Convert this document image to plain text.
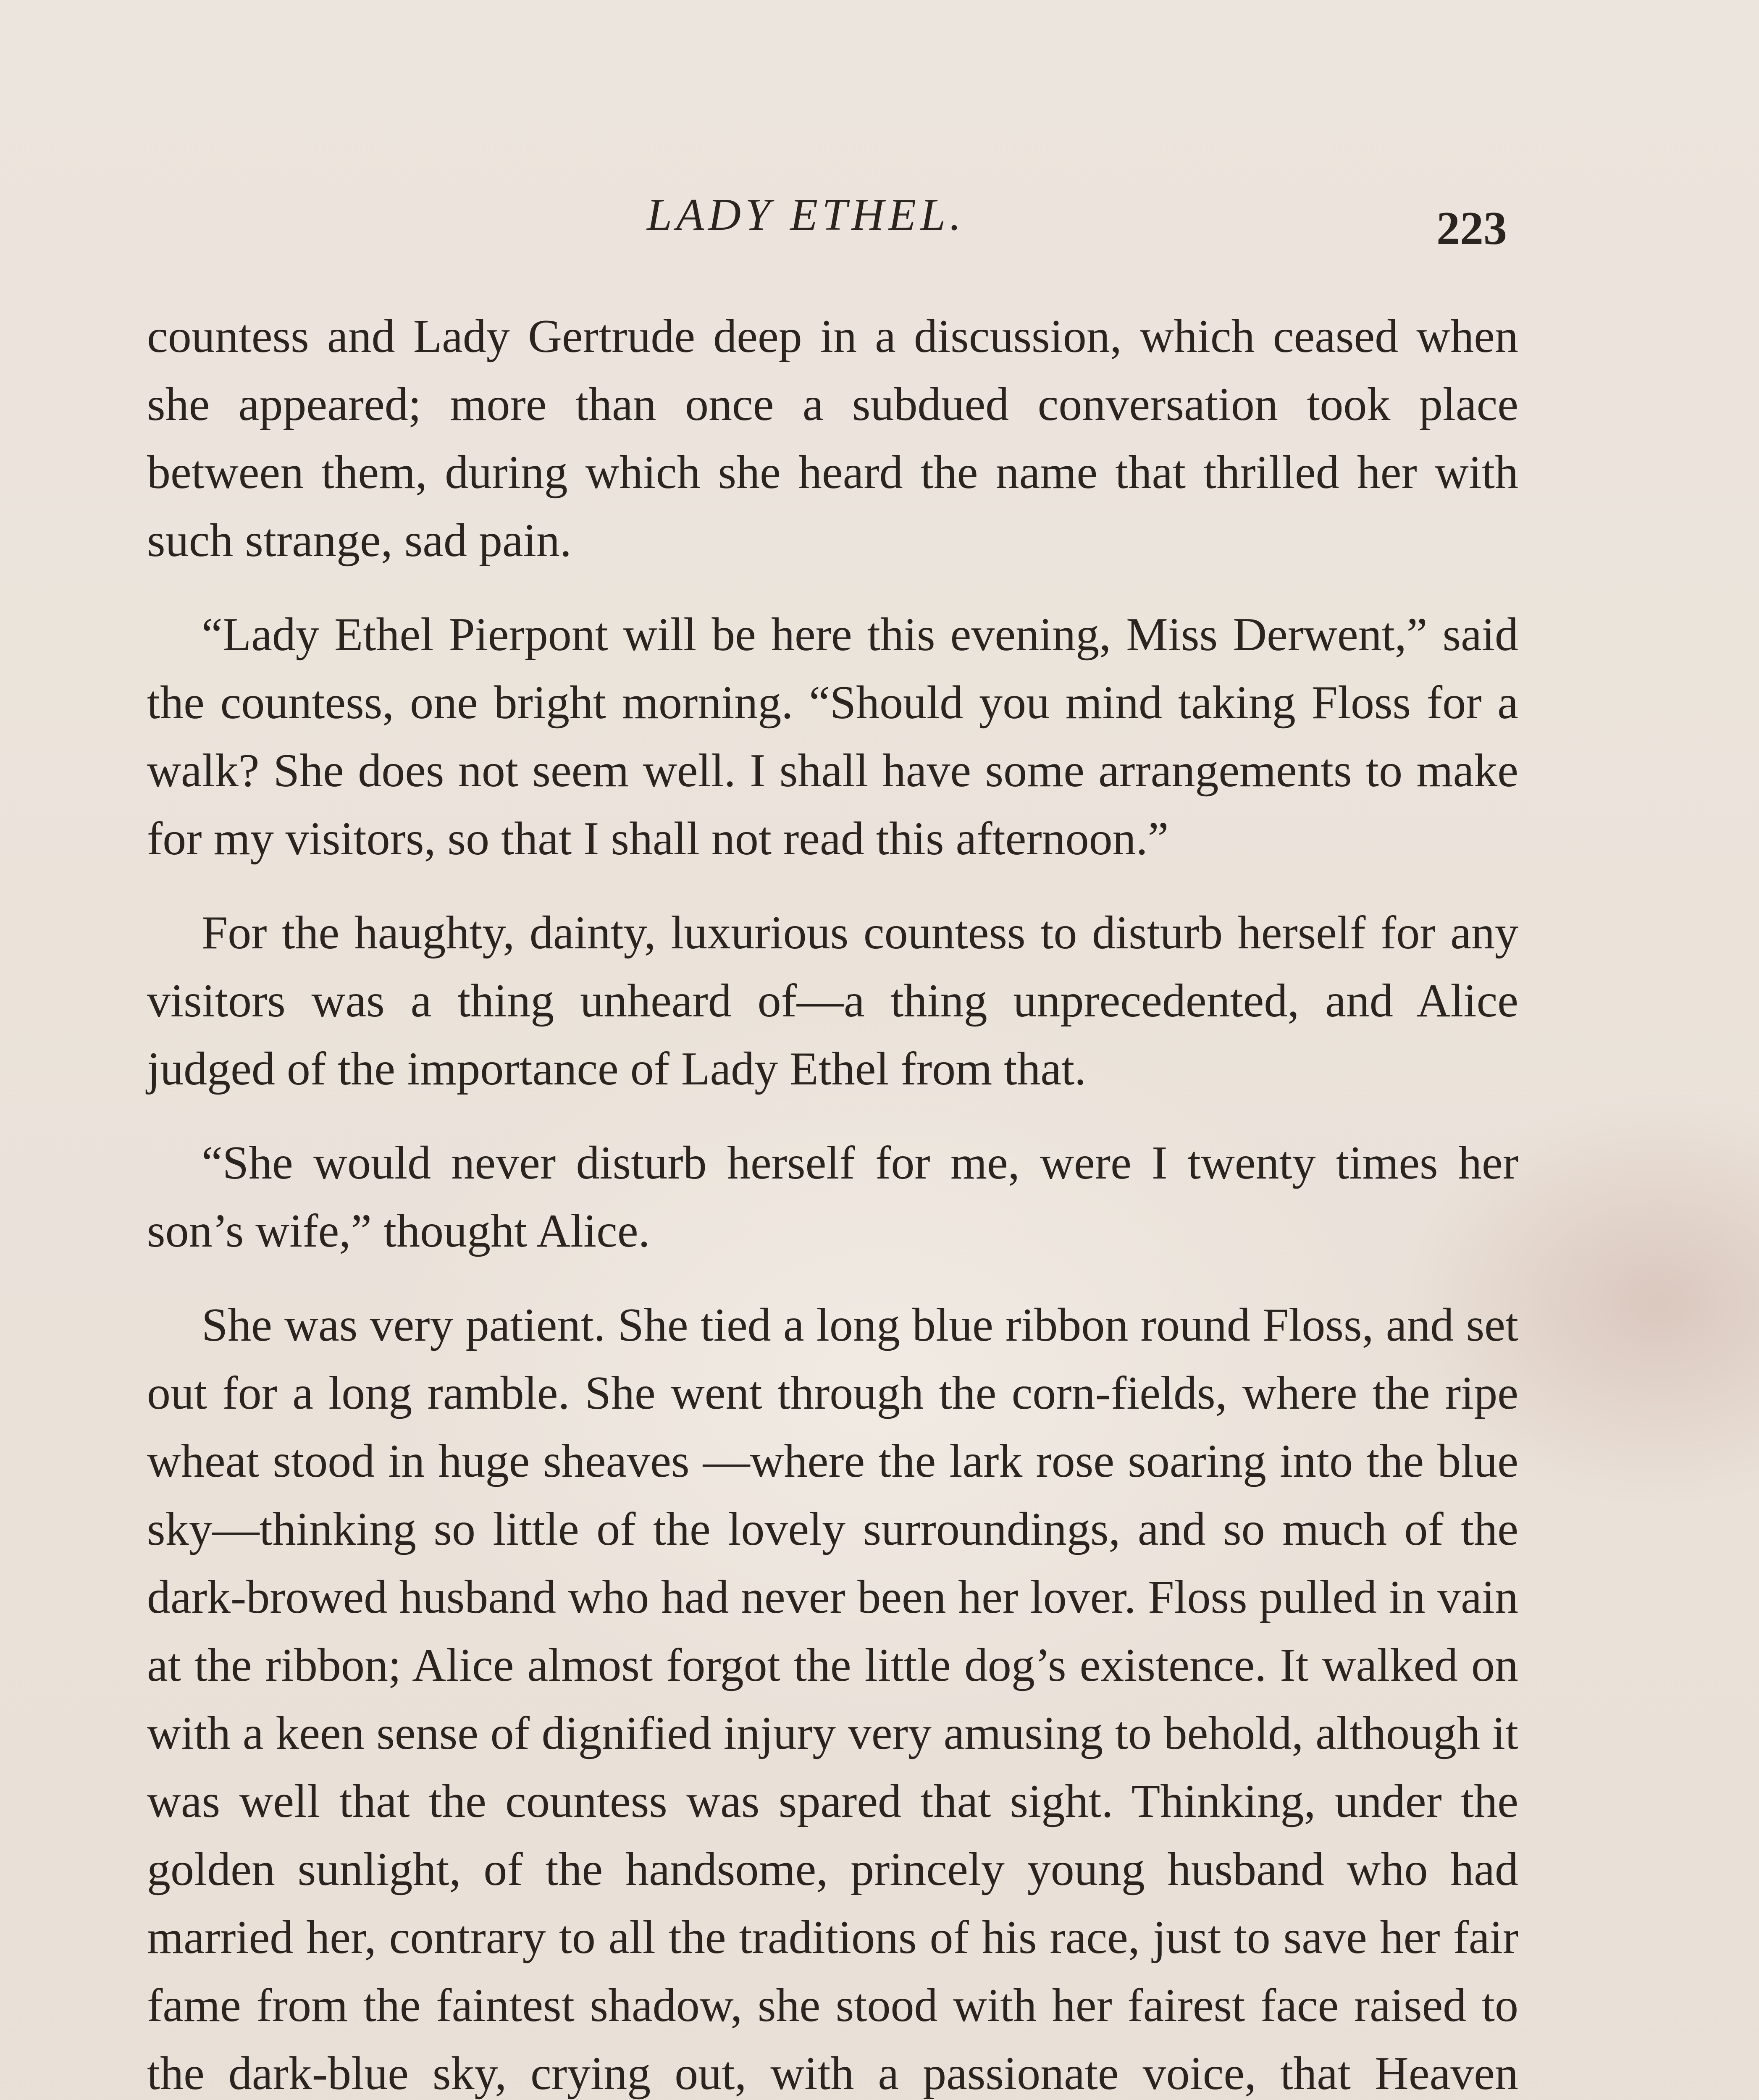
LADY ETHEL.	223

countess and Lady Gertrude deep in a discussion, which ceased when she appeared; more than once a subdued conversation took place between them, during which she heard the name that thrilled her with such strange, sad pain.

“Lady Ethel Pierpont will be here this evening, Miss Derwent,” said the countess, one bright morning. “Should you mind taking Floss for a walk? She does not seem well. I shall have some arrangements to make for my visitors, so that I shall not read this afternoon.”

For the haughty, dainty, luxurious countess to disturb herself for any visitors was a thing unheard of—a thing unprecedented, and Alice judged of the importance of Lady Ethel from that.

“She would never disturb herself for me, were I twenty times her son’s wife,” thought Alice.

She was very patient. She tied a long blue ribbon round Floss, and set out for a long ramble. She went through the corn-fields, where the ripe wheat stood in huge sheaves —where the lark rose soaring into the blue sky—thinking so little of the lovely surroundings, and so much of the dark-browed husband who had never been her lover. Floss pulled in vain at the ribbon; Alice almost forgot the little dog’s existence. It walked on with a keen sense of dignified injury very amusing to behold, although it was well that the countess was spared that sight. Thinking, under the golden sunlight, of the handsome, princely young husband who had married her, contrary to all the traditions of his race, just to save her fair fame from the faintest shadow, she stood with her fairest face raised to the dark-blue sky, crying out, with a passionate voice, that Heaven
